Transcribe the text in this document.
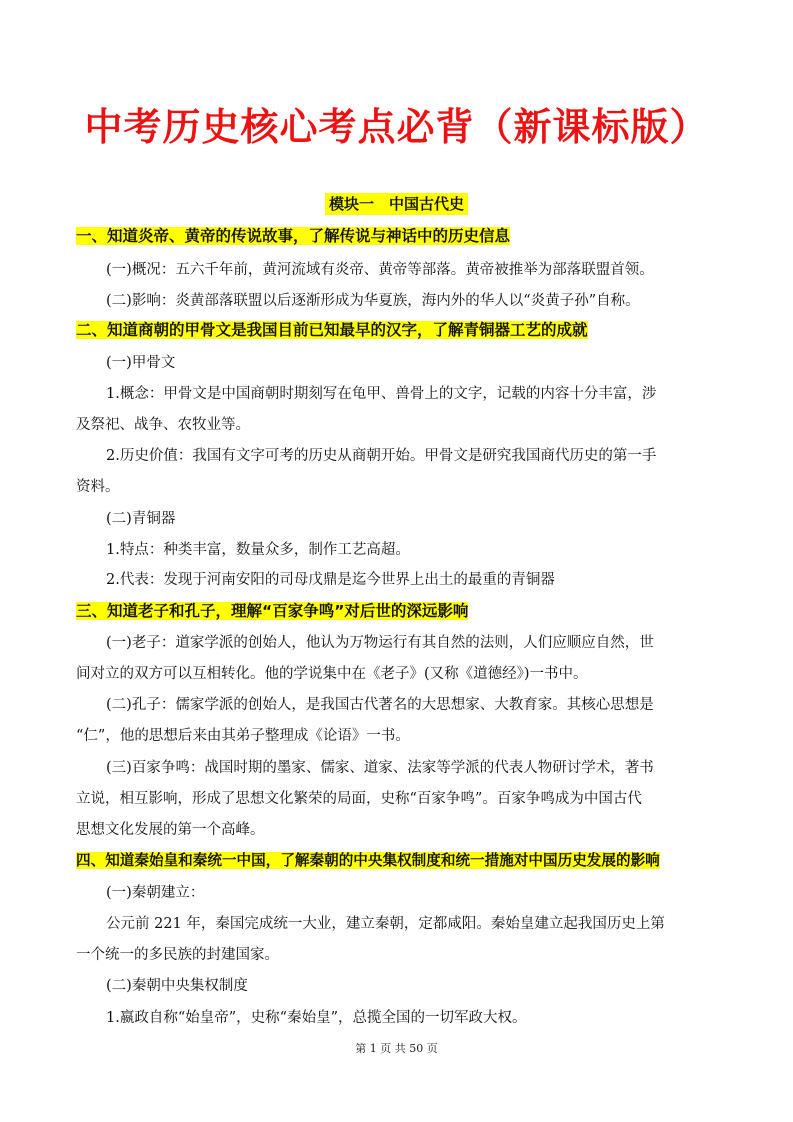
中考历史核心考点必背（新课标版）
模块一　中国古代史
一、知道炎帝、黄帝的传说故事，了解传说与神话中的历史信息
(一)概况：五六千年前，黄河流域有炎帝、黄帝等部落。黄帝被推举为部落联盟首领。
(二)影响：炎黄部落联盟以后逐渐形成为华夏族，海内外的华人以“炎黄子孙”自称。
二、知道商朝的甲骨文是我国目前已知最早的汉字，了解青铜器工艺的成就
(一)甲骨文
1.概念：甲骨文是中国商朝时期刻写在龟甲、兽骨上的文字，记载的内容十分丰富，涉
及祭祀、战争、农牧业等。
2.历史价值：我国有文字可考的历史从商朝开始。甲骨文是研究我国商代历史的第一手
资料。
(二)青铜器
1.特点：种类丰富，数量众多，制作工艺高超。
2.代表：发现于河南安阳的司母戊鼎是迄今世界上出土的最重的青铜器
三、知道老子和孔子，理解“百家争鸣”对后世的深远影响
(一)老子：道家学派的创始人，他认为万物运行有其自然的法则，人们应顺应自然，世
间对立的双方可以互相转化。他的学说集中在《老子》(又称《道德经》)一书中。
(二)孔子：儒家学派的创始人，是我国古代著名的大思想家、大教育家。其核心思想是
“仁”，他的思想后来由其弟子整理成《论语》一书。
(三)百家争鸣：战国时期的墨家、儒家、道家、法家等学派的代表人物研讨学术，著书
立说，相互影响，形成了思想文化繁荣的局面，史称“百家争鸣”。百家争鸣成为中国古代
思想文化发展的第一个高峰。
四、知道秦始皇和秦统一中国，了解秦朝的中央集权制度和统一措施对中国历史发展的影响
(一)秦朝建立：
公元前 221 年，秦国完成统一大业，建立秦朝，定都咸阳。秦始皇建立起我国历史上第
一个统一的多民族的封建国家。
(二)秦朝中央集权制度
1.嬴政自称“始皇帝”，史称“秦始皇”，总揽全国的一切军政大权。
第 1 页 共 50 页
